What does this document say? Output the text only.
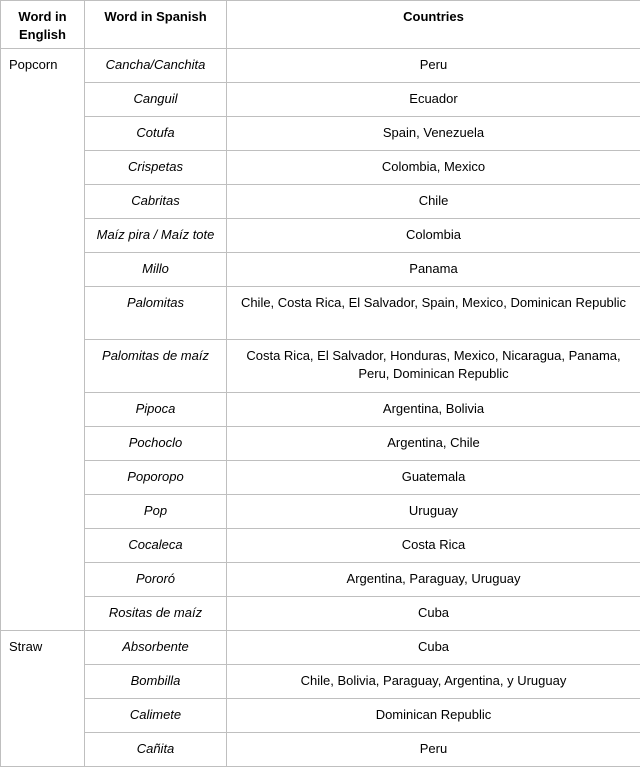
Word in English	Word in Spanish	Countries
Popcorn	Cancha/Canchita	Peru
	Canguil	Ecuador
	Cotufa	Spain, Venezuela
	Crispetas	Colombia, Mexico
	Cabritas	Chile
	Maíz pira / Maíz tote	Colombia
	Millo	Panama
	Palomitas	Chile, Costa Rica, El Salvador, Spain, Mexico, Dominican Republic
	Palomitas de maíz	Costa Rica, El Salvador, Honduras, Mexico, Nicaragua, Panama, Peru, Dominican Republic
	Pipoca	Argentina, Bolivia
	Pochoclo	Argentina, Chile
	Poporopo	Guatemala
	Pop	Uruguay
	Cocaleca	Costa Rica
	Pororó	Argentina, Paraguay, Uruguay
	Rositas de maíz	Cuba
Straw	Absorbente	Cuba
	Bombilla	Chile, Bolivia, Paraguay, Argentina, y Uruguay
	Calimete	Dominican Republic
	Cañita	Peru
